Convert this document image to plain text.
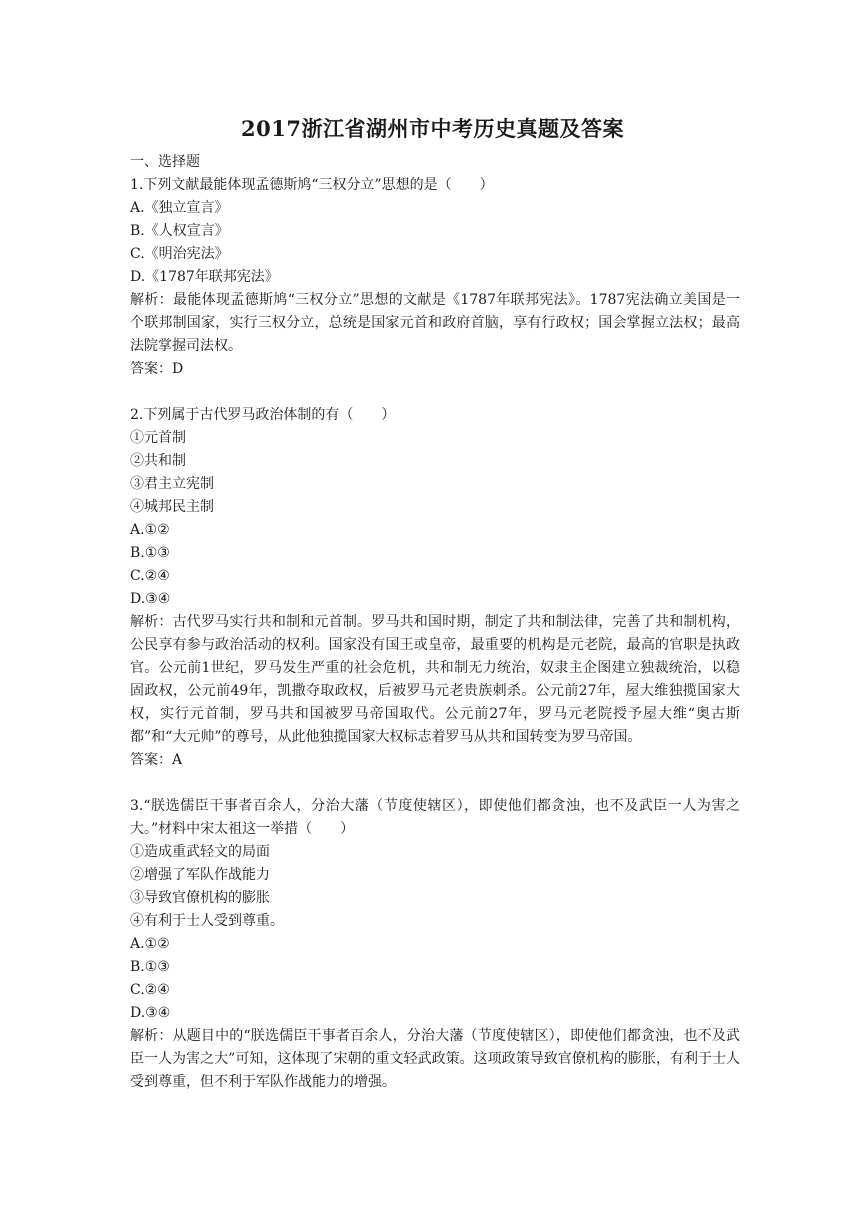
2017浙江省湖州市中考历史真题及答案
一、选择题
1.下列文献最能体现孟德斯鸠“三权分立”思想的是（　　）
A.《独立宣言》
B.《人权宣言》
C.《明治宪法》
D.《1787年联邦宪法》
解析：最能体现孟德斯鸠“三权分立”思想的文献是《1787年联邦宪法》。1787宪法确立美国是一个联邦制国家，实行三权分立，总统是国家元首和政府首脑，享有行政权；国会掌握立法权；最高法院掌握司法权。
答案：D
2.下列属于古代罗马政治体制的有（　　）
①元首制
②共和制
③君主立宪制
④城邦民主制
A.①②
B.①③
C.②④
D.③④
解析：古代罗马实行共和制和元首制。罗马共和国时期，制定了共和制法律，完善了共和制机构，公民享有参与政治活动的权利。国家没有国王或皇帝，最重要的机构是元老院，最高的官职是执政官。公元前1世纪，罗马发生严重的社会危机，共和制无力统治，奴隶主企图建立独裁统治，以稳固政权，公元前49年，凯撒夺取政权，后被罗马元老贵族刺杀。公元前27年，屋大维独揽国家大权，实行元首制，罗马共和国被罗马帝国取代。公元前27年，罗马元老院授予屋大维“奥古斯都”和“大元帅”的尊号，从此他独揽国家大权标志着罗马从共和国转变为罗马帝国。
答案：A
3.“朕选儒臣干事者百余人，分治大藩（节度使辖区），即使他们都贪浊，也不及武臣一人为害之大。”材料中宋太祖这一举措（　　）
①造成重武轻文的局面
②增强了军队作战能力
③导致官僚机构的膨胀
④有利于士人受到尊重。
A.①②
B.①③
C.②④
D.③④
解析：从题目中的“朕选儒臣干事者百余人，分治大藩（节度使辖区），即使他们都贪浊，也不及武臣一人为害之大”可知，这体现了宋朝的重文轻武政策。这项政策导致官僚机构的膨胀，有利于士人受到尊重，但不利于军队作战能力的增强。
